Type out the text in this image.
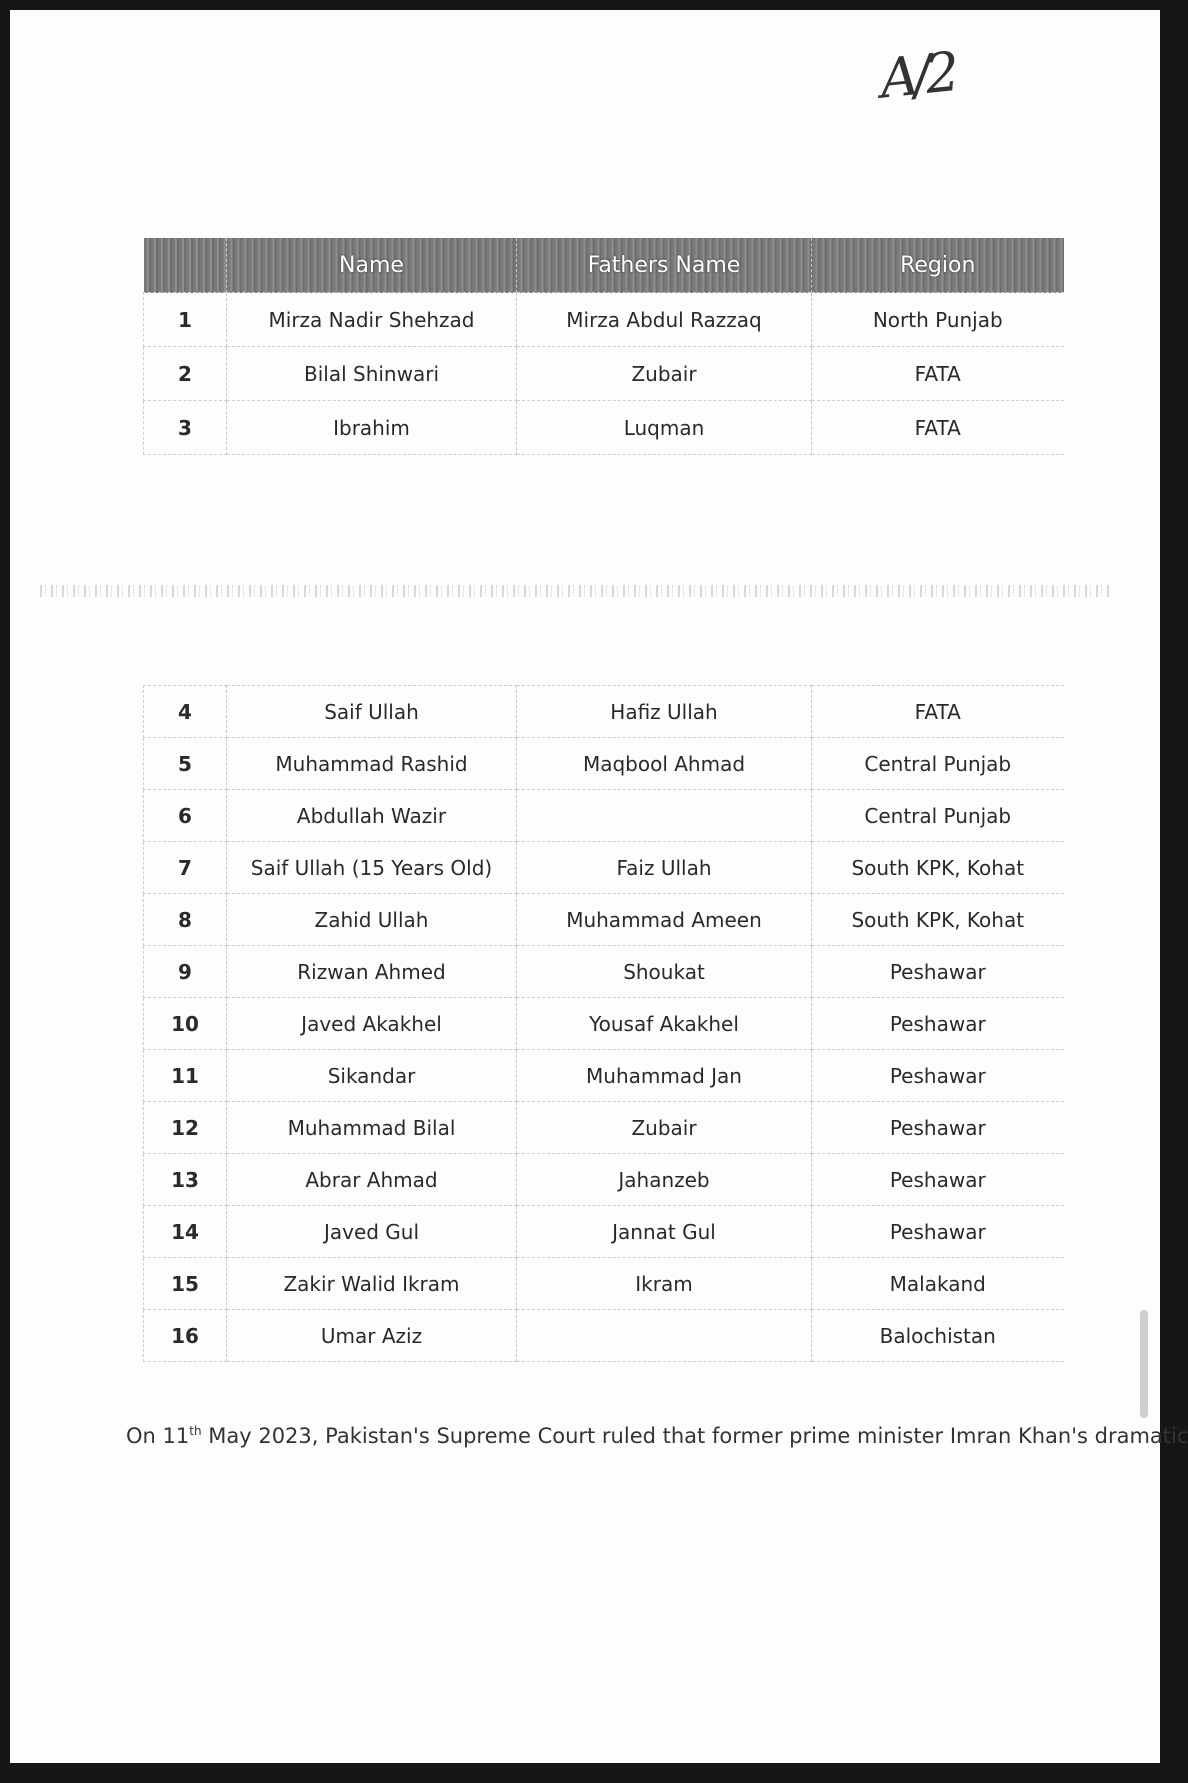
A/2
	Name	Fathers Name	Region
1	Mirza Nadir Shehzad	Mirza Abdul Razzaq	North Punjab
2	Bilal Shinwari	Zubair	FATA
3	Ibrahim	Luqman	FATA
4	Saif Ullah	Hafiz Ullah	FATA
5	Muhammad Rashid	Maqbool Ahmad	Central Punjab
6	Abdullah Wazir		Central Punjab
7	Saif Ullah (15 Years Old)	Faiz Ullah	South KPK, Kohat
8	Zahid Ullah	Muhammad Ameen	South KPK, Kohat
9	Rizwan Ahmed	Shoukat	Peshawar
10	Javed Akakhel	Yousaf Akakhel	Peshawar
11	Sikandar	Muhammad Jan	Peshawar
12	Muhammad Bilal	Zubair	Peshawar
13	Abrar Ahmad	Jahanzeb	Peshawar
14	Javed Gul	Jannat Gul	Peshawar
15	Zakir Walid Ikram	Ikram	Malakand
16	Umar Aziz		Balochistan
On 11th May 2023, Pakistan's Supreme Court ruled that former prime minister Imran Khan's dramatic
